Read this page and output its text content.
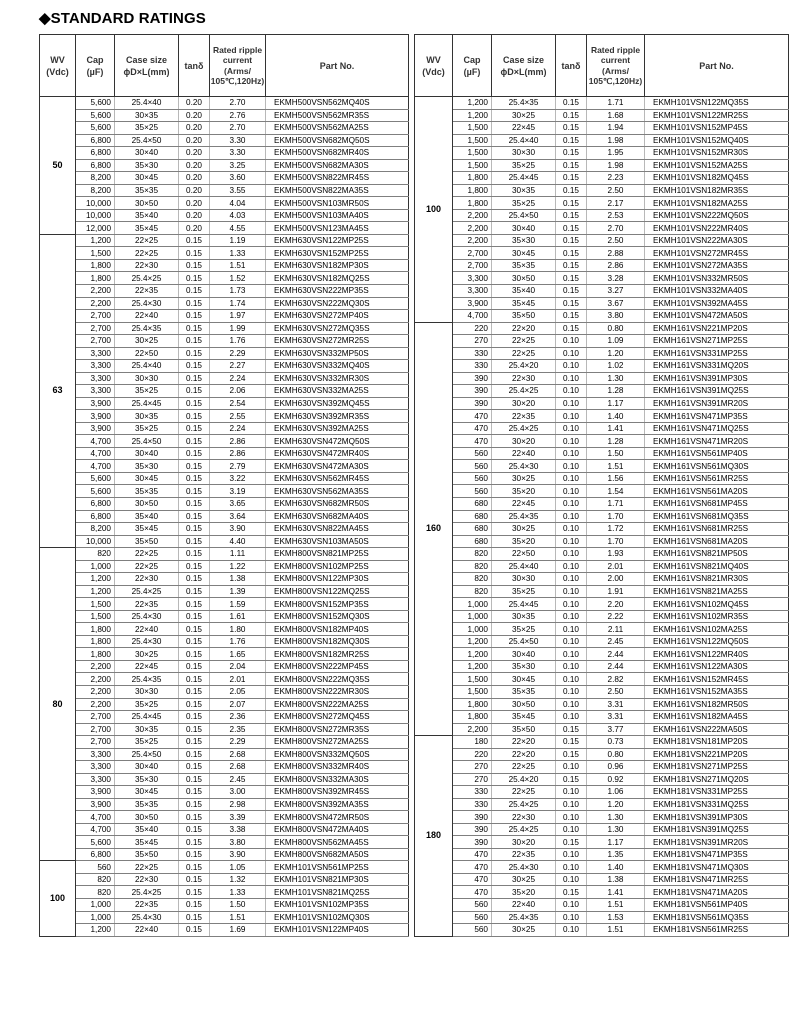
◆STANDARD RATINGS
WV
(Vdc)	Cap
(µF)	Case size
ϕD×L(mm)	tanδ	Rated ripple
current
(Arms/
105℃,120Hz)	Part No.
50	5,600	25.4×40	0.20	2.70	EKMH500VSN562MQ40S
	5,600	30×35	0.20	2.76	EKMH500VSN562MR35S
	5,600	35×25	0.20	2.70	EKMH500VSN562MA25S
	6,800	25.4×50	0.20	3.30	EKMH500VSN682MQ50S
	6,800	30×40	0.20	3.30	EKMH500VSN682MR40S
	6,800	35×30	0.20	3.25	EKMH500VSN682MA30S
	8,200	30×45	0.20	3.60	EKMH500VSN822MR45S
	8,200	35×35	0.20	3.55	EKMH500VSN822MA35S
	10,000	30×50	0.20	4.04	EKMH500VSN103MR50S
	10,000	35×40	0.20	4.03	EKMH500VSN103MA40S
	12,000	35×45	0.20	4.55	EKMH500VSN123MA45S
63	1,200	22×25	0.15	1.19	EKMH630VSN122MP25S
	1,500	22×25	0.15	1.33	EKMH630VSN152MP25S
	1,800	22×30	0.15	1.51	EKMH630VSN182MP30S
	1,800	25.4×25	0.15	1.52	EKMH630VSN182MQ25S
	2,200	22×35	0.15	1.73	EKMH630VSN222MP35S
	2,200	25.4×30	0.15	1.74	EKMH630VSN222MQ30S
	2,700	22×40	0.15	1.97	EKMH630VSN272MP40S
	2,700	25.4×35	0.15	1.99	EKMH630VSN272MQ35S
	2,700	30×25	0.15	1.76	EKMH630VSN272MR25S
	3,300	22×50	0.15	2.29	EKMH630VSN332MP50S
	3,300	25.4×40	0.15	2.27	EKMH630VSN332MQ40S
	3,300	30×30	0.15	2.24	EKMH630VSN332MR30S
	3,300	35×25	0.15	2.06	EKMH630VSN332MA25S
	3,900	25.4×45	0.15	2.54	EKMH630VSN392MQ45S
	3,900	30×35	0.15	2.55	EKMH630VSN392MR35S
	3,900	35×25	0.15	2.24	EKMH630VSN392MA25S
	4,700	25.4×50	0.15	2.86	EKMH630VSN472MQ50S
	4,700	30×40	0.15	2.86	EKMH630VSN472MR40S
	4,700	35×30	0.15	2.79	EKMH630VSN472MA30S
	5,600	30×45	0.15	3.22	EKMH630VSN562MR45S
	5,600	35×35	0.15	3.19	EKMH630VSN562MA35S
	6,800	30×50	0.15	3.65	EKMH630VSN682MR50S
	6,800	35×40	0.15	3.64	EKMH630VSN682MA40S
	8,200	35×45	0.15	3.90	EKMH630VSN822MA45S
	10,000	35×50	0.15	4.40	EKMH630VSN103MA50S
80	820	22×25	0.15	1.11	EKMH800VSN821MP25S
	1,000	22×25	0.15	1.22	EKMH800VSN102MP25S
	1,200	22×30	0.15	1.38	EKMH800VSN122MP30S
	1,200	25.4×25	0.15	1.39	EKMH800VSN122MQ25S
	1,500	22×35	0.15	1.59	EKMH800VSN152MP35S
	1,500	25.4×30	0.15	1.61	EKMH800VSN152MQ30S
	1,800	22×40	0.15	1.80	EKMH800VSN182MP40S
	1,800	25.4×30	0.15	1.76	EKMH800VSN182MQ30S
	1,800	30×25	0.15	1.65	EKMH800VSN182MR25S
	2,200	22×45	0.15	2.04	EKMH800VSN222MP45S
	2,200	25.4×35	0.15	2.01	EKMH800VSN222MQ35S
	2,200	30×30	0.15	2.05	EKMH800VSN222MR30S
	2,200	35×25	0.15	2.07	EKMH800VSN222MA25S
	2,700	25.4×45	0.15	2.36	EKMH800VSN272MQ45S
	2,700	30×35	0.15	2.35	EKMH800VSN272MR35S
	2,700	35×25	0.15	2.29	EKMH800VSN272MA25S
	3,300	25.4×50	0.15	2.68	EKMH800VSN332MQ50S
	3,300	30×40	0.15	2.68	EKMH800VSN332MR40S
	3,300	35×30	0.15	2.45	EKMH800VSN332MA30S
	3,900	30×45	0.15	3.00	EKMH800VSN392MR45S
	3,900	35×35	0.15	2.98	EKMH800VSN392MA35S
	4,700	30×50	0.15	3.39	EKMH800VSN472MR50S
	4,700	35×40	0.15	3.38	EKMH800VSN472MA40S
	5,600	35×45	0.15	3.80	EKMH800VSN562MA45S
	6,800	35×50	0.15	3.90	EKMH800VSN682MA50S
100	560	22×25	0.15	1.05	EKMH101VSN561MP25S
	820	22×30	0.15	1.32	EKMH101VSN821MP30S
	820	25.4×25	0.15	1.33	EKMH101VSN821MQ25S
	1,000	22×35	0.15	1.50	EKMH101VSN102MP35S
	1,000	25.4×30	0.15	1.51	EKMH101VSN102MQ30S
	1,200	22×40	0.15	1.69	EKMH101VSN122MP40S
WV
(Vdc)	Cap
(µF)	Case size
ϕD×L(mm)	tanδ	Rated ripple
current
(Arms/
105℃,120Hz)	Part No.
100	1,200	25.4×35	0.15	1.71	EKMH101VSN122MQ35S
	1,200	30×25	0.15	1.68	EKMH101VSN122MR25S
	1,500	22×45	0.15	1.94	EKMH101VSN152MP45S
	1,500	25.4×40	0.15	1.98	EKMH101VSN152MQ40S
	1,500	30×30	0.15	1.95	EKMH101VSN152MR30S
	1,500	35×25	0.15	1.98	EKMH101VSN152MA25S
	1,800	25.4×45	0.15	2.23	EKMH101VSN182MQ45S
	1,800	30×35	0.15	2.50	EKMH101VSN182MR35S
	1,800	35×25	0.15	2.17	EKMH101VSN182MA25S
	2,200	25.4×50	0.15	2.53	EKMH101VSN222MQ50S
	2,200	30×40	0.15	2.70	EKMH101VSN222MR40S
	2,200	35×30	0.15	2.50	EKMH101VSN222MA30S
	2,700	30×45	0.15	2.88	EKMH101VSN272MR45S
	2,700	35×35	0.15	2.86	EKMH101VSN272MA35S
	3,300	30×50	0.15	3.28	EKMH101VSN332MR50S
	3,300	35×40	0.15	3.27	EKMH101VSN332MA40S
	3,900	35×45	0.15	3.67	EKMH101VSN392MA45S
	4,700	35×50	0.15	3.80	EKMH101VSN472MA50S
160	220	22×20	0.15	0.80	EKMH161VSN221MP20S
	270	22×25	0.10	1.09	EKMH161VSN271MP25S
	330	22×25	0.10	1.20	EKMH161VSN331MP25S
	330	25.4×20	0.10	1.02	EKMH161VSN331MQ20S
	390	22×30	0.10	1.30	EKMH161VSN391MP30S
	390	25.4×25	0.10	1.28	EKMH161VSN391MQ25S
	390	30×20	0.10	1.17	EKMH161VSN391MR20S
	470	22×35	0.10	1.40	EKMH161VSN471MP35S
	470	25.4×25	0.10	1.41	EKMH161VSN471MQ25S
	470	30×20	0.10	1.28	EKMH161VSN471MR20S
	560	22×40	0.10	1.50	EKMH161VSN561MP40S
	560	25.4×30	0.10	1.51	EKMH161VSN561MQ30S
	560	30×25	0.10	1.56	EKMH161VSN561MR25S
	560	35×20	0.10	1.54	EKMH161VSN561MA20S
	680	22×45	0.10	1.71	EKMH161VSN681MP45S
	680	25.4×35	0.10	1.70	EKMH161VSN681MQ35S
	680	30×25	0.10	1.72	EKMH161VSN681MR25S
	680	35×20	0.10	1.70	EKMH161VSN681MA20S
	820	22×50	0.10	1.93	EKMH161VSN821MP50S
	820	25.4×40	0.10	2.01	EKMH161VSN821MQ40S
	820	30×30	0.10	2.00	EKMH161VSN821MR30S
	820	35×25	0.10	1.91	EKMH161VSN821MA25S
	1,000	25.4×45	0.10	2.20	EKMH161VSN102MQ45S
	1,000	30×35	0.10	2.22	EKMH161VSN102MR35S
	1,000	35×25	0.10	2.11	EKMH161VSN102MA25S
	1,200	25.4×50	0.10	2.45	EKMH161VSN122MQ50S
	1,200	30×40	0.10	2.44	EKMH161VSN122MR40S
	1,200	35×30	0.10	2.44	EKMH161VSN122MA30S
	1,500	30×45	0.10	2.82	EKMH161VSN152MR45S
	1,500	35×35	0.10	2.50	EKMH161VSN152MA35S
	1,800	30×50	0.10	3.31	EKMH161VSN182MR50S
	1,800	35×45	0.10	3.31	EKMH161VSN182MA45S
	2,200	35×50	0.15	3.77	EKMH161VSN222MA50S
180	180	22×20	0.15	0.73	EKMH181VSN181MP20S
	220	22×20	0.15	0.80	EKMH181VSN221MP20S
	270	22×25	0.10	0.96	EKMH181VSN271MP25S
	270	25.4×20	0.15	0.92	EKMH181VSN271MQ20S
	330	22×25	0.10	1.06	EKMH181VSN331MP25S
	330	25.4×25	0.10	1.20	EKMH181VSN331MQ25S
	390	22×30	0.10	1.30	EKMH181VSN391MP30S
	390	25.4×25	0.10	1.30	EKMH181VSN391MQ25S
	390	30×20	0.15	1.17	EKMH181VSN391MR20S
	470	22×35	0.10	1.35	EKMH181VSN471MP35S
	470	25.4×30	0.10	1.40	EKMH181VSN471MQ30S
	470	30×25	0.10	1.38	EKMH181VSN471MR25S
	470	35×20	0.15	1.41	EKMH181VSN471MA20S
	560	22×40	0.10	1.51	EKMH181VSN561MP40S
	560	25.4×35	0.10	1.53	EKMH181VSN561MQ35S
	560	30×25	0.10	1.51	EKMH181VSN561MR25S
